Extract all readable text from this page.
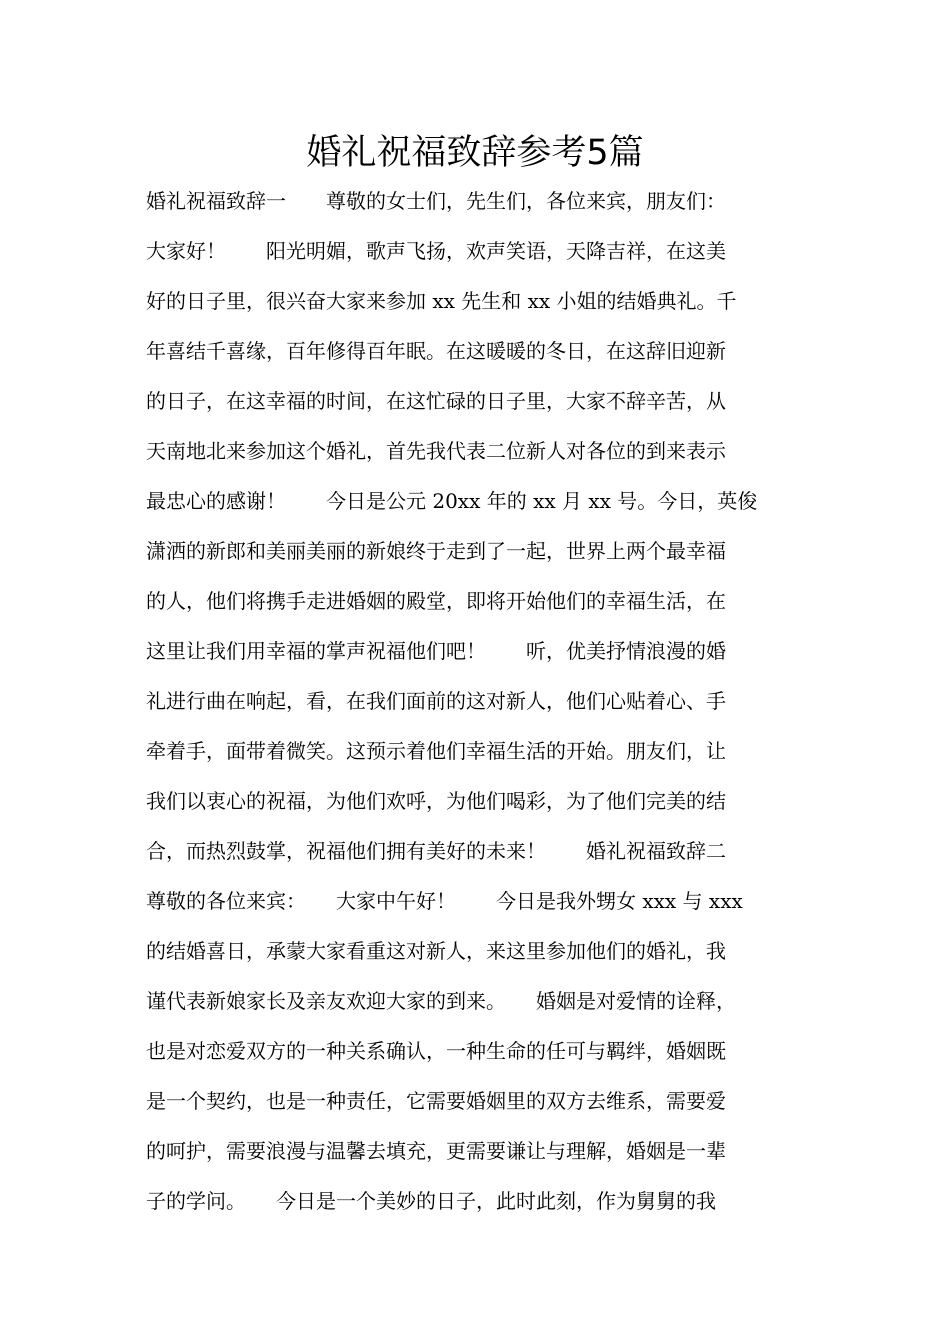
婚礼祝福致辞参考5篇
婚礼祝福致辞一　　尊敬的女士们，先生们，各位来宾，朋友们：
大家好！　　阳光明媚，歌声飞扬，欢声笑语，天降吉祥，在这美
好的日子里，很兴奋大家来参加 xx 先生和 xx 小姐的结婚典礼。千
年喜结千喜缘，百年修得百年眠。在这暖暖的冬日，在这辞旧迎新
的日子，在这幸福的时间，在这忙碌的日子里，大家不辞辛苦，从
天南地北来参加这个婚礼，首先我代表二位新人对各位的到来表示
最忠心的感谢！　　今日是公元 20xx 年的 xx 月 xx 号。今日，英俊
潇洒的新郎和美丽美丽的新娘终于走到了一起，世界上两个最幸福
的人，他们将携手走进婚姻的殿堂，即将开始他们的幸福生活，在
这里让我们用幸福的掌声祝福他们吧！　　听，优美抒情浪漫的婚
礼进行曲在响起，看，在我们面前的这对新人，他们心贴着心、手
牵着手，面带着微笑。这预示着他们幸福生活的开始。朋友们，让
我们以衷心的祝福，为他们欢呼，为他们喝彩，为了他们完美的结
合，而热烈鼓掌，祝福他们拥有美好的未来！　　婚礼祝福致辞二
尊敬的各位来宾：　　大家中午好！　　今日是我外甥女 xxx 与 xxx
的结婚喜日，承蒙大家看重这对新人，来这里参加他们的婚礼，我
谨代表新娘家长及亲友欢迎大家的到来。　　婚姻是对爱情的诠释，
也是对恋爱双方的一种关系确认，一种生命的任可与羁绊，婚姻既
是一个契约，也是一种责任，它需要婚姻里的双方去维系，需要爱
的呵护，需要浪漫与温馨去填充，更需要谦让与理解，婚姻是一辈
子的学问。　　今日是一个美妙的日子，此时此刻，作为舅舅的我
